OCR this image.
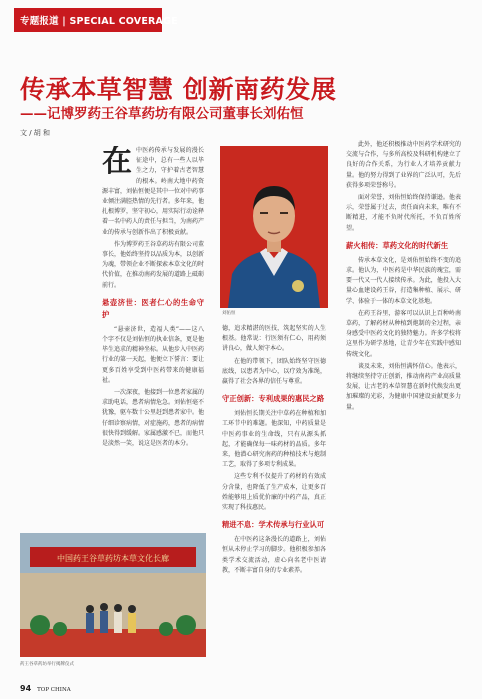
专题报道 | SPECIAL COVERAGE
传承本草智慧 创新南药发展
——记博罗药王谷草药坊有限公司董事长刘佑恒
文 / 胡 和
在 中医药传承与发展的漫长征途中，总有一些人以毕生之力，守护着古老智慧的根本。岭南大地中药资源丰富，刘佑恒便是其中一位对中药事业倾注满腔热情的先行者。多年来，他扎根博罗，坚守初心，用实际行动诠释着一名中药人的责任与担当，为南药产业的传承与创新作出了积极贡献。

作为博罗药王谷草药坊有限公司董事长，他始终坚持以品质为本，以创新为魂，带领企业不断探索本草文化的时代价值，在推动南药发展的道路上砥砺前行。

悬壶济世：医者仁心的生命守护

“悬壶济世，造福人类”——这八个字不仅是刘佑恒的执业信条，更是他毕生追求的精神坐标。从他步入中医药行业的第一天起，他便立下誓言：要让更多百姓享受到中医药带来的健康福祉。

一次深夜，他接到一位患者家属的求助电话，患者病情危急。刘佑恒毫不犹豫，驱车数十公里赶到患者家中。他仔细诊察病情，对症施药，患者的病情很快得到缓解。家属感激不已，而他只是淡然一笑，说这是医者的本分。

刘佑恒

德，追求精湛的医技，筑起坚实的人生根基。他常说：行医须有仁心，用药须讲良心，做人须守本心。

在他的带领下，团队始终坚守医德底线，以患者为中心，以疗效为准绳，赢得了社会各界的信任与尊重。

守正创新：专利成果的惠民之路

刘佑恒长期关注中草药在种植和加工环节中的难题。他深知，中药质量是中医药事业的生命线，只有从源头抓起，才能确保每一味药材的品质。多年来，他潜心研究南药的种植技术与炮制工艺，取得了多项专利成果。

这些专利不仅提升了药材的有效成分含量，也降低了生产成本，让更多百姓能够用上质优价廉的中药产品，真正实现了科技惠民。

精进不息：学术传承与行业认可

在中医药这条漫长的道路上，刘佑恒从未停止学习的脚步。他积极参加各类学术交流活动，虚心向名老中医请教，不断丰富自身的专业素养。

此外，他还积极推动中医药学术研究的交流与合作，与多所高校及科研机构建立了良好的合作关系，为行业人才培养贡献力量。他的努力得到了业界的广泛认可，先后获得多项荣誉称号。

面对荣誉，刘佑恒始终保持谦逊。他表示，荣誉属于过去，责任面向未来，唯有不断精进，才能不负时代所托，不负百姓所望。

薪火相传：草药文化的时代新生

传承本草文化，是刘佑恒始终不变的追求。他认为，中医药是中华民族的瑰宝，需要一代又一代人接续传承。为此，他投入大量心血建设药王谷，打造集种植、展示、研学、体验于一体的本草文化基地。

在药王谷里，游客可以认识上百种岭南草药，了解药材从种植到炮制的全过程，亲身感受中医药文化的独特魅力。许多学校将这里作为研学基地，让青少年在实践中感知传统文化。

谈及未来，刘佑恒满怀信心。他表示，将继续坚持守正创新，推动南药产业高质量发展，让古老的本草智慧在新时代焕发出更加璀璨的光彩，为健康中国建设贡献更多力量。

中国药王谷草药坊本草文化长廊
药王谷草药坊举行揭牌仪式
94 TOP CHINA
